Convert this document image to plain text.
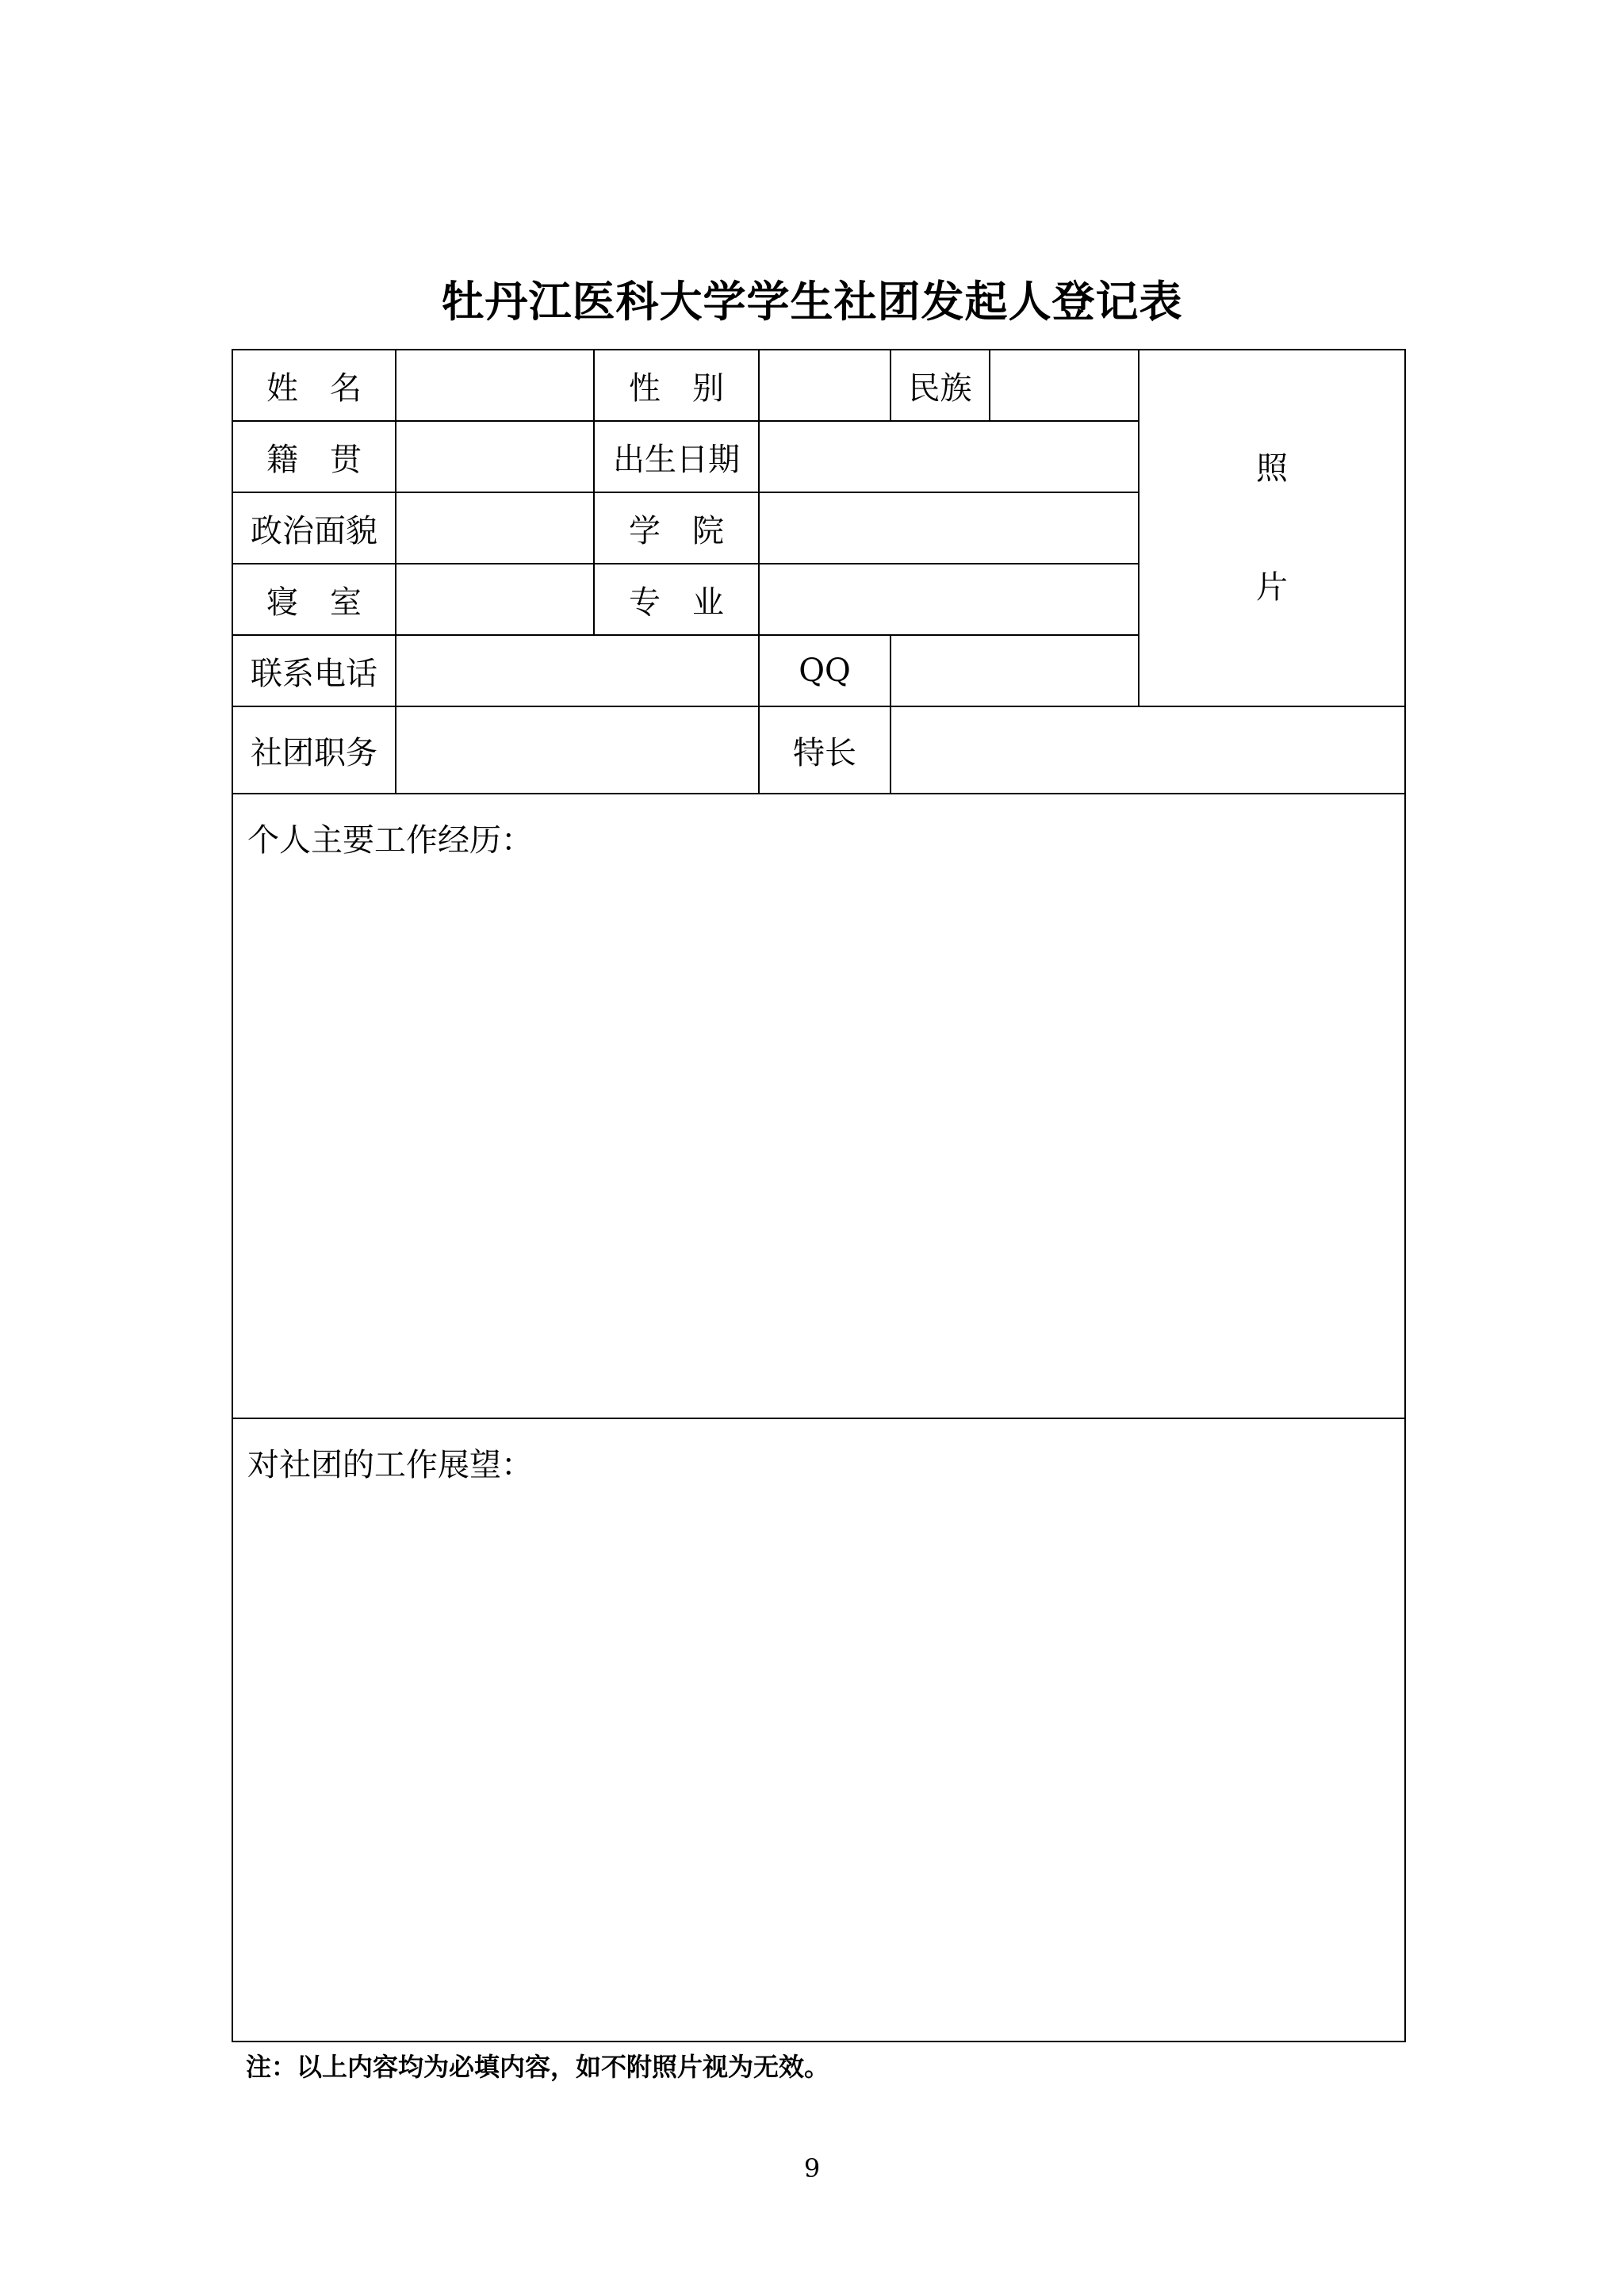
牡丹江医科大学学生社团发起人登记表
姓　名		性　别		民族		照
片

籍　贯		出生日期				
政治面貌		学　院				
寝　室		专　业				
联系电话			QQ			
社团职务			特长			
个人主要工作经历：						
对社团的工作展望：						
注：以上内容均为必填内容，如不附照片视为无效。
9
